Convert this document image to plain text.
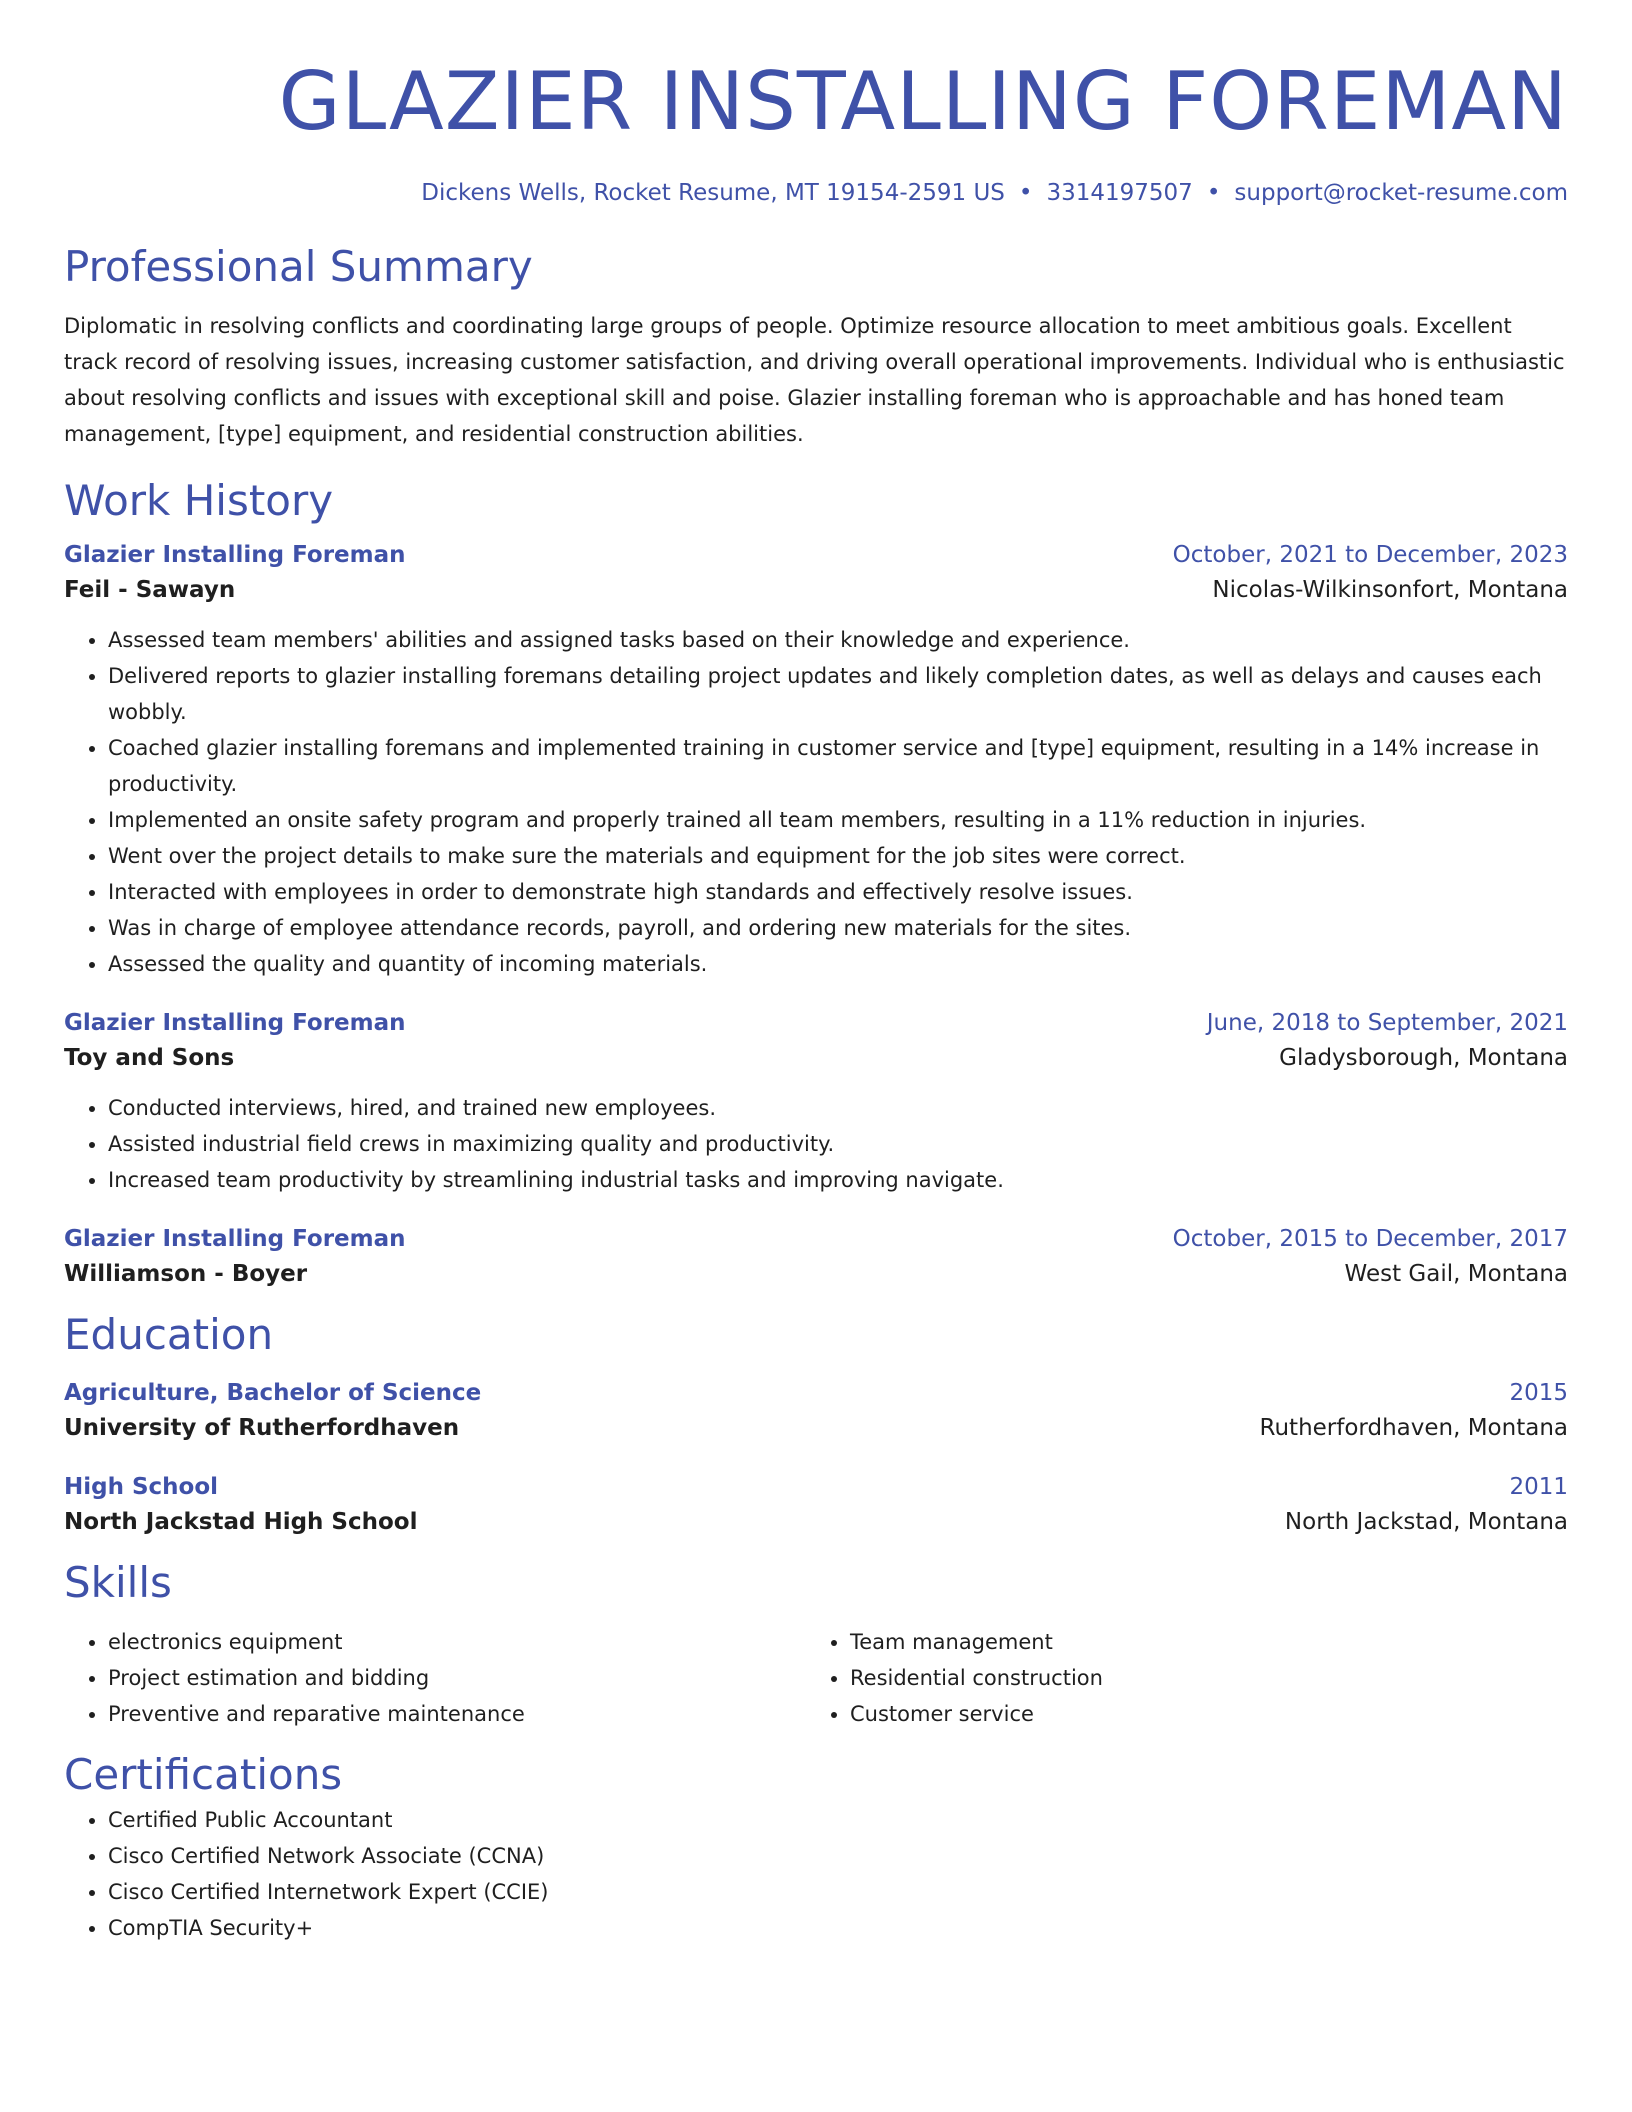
GLAZIER INSTALLING FOREMAN
Dickens Wells, Rocket Resume, MT 19154-2591 US • 3314197507 • support@rocket-resume.com
Professional Summary
Diplomatic in resolving conflicts and coordinating large groups of people. Optimize resource allocation to meet ambitious goals. Excellent track record of resolving issues, increasing customer satisfaction, and driving overall operational improvements. Individual who is enthusiastic about resolving conflicts and issues with exceptional skill and poise. Glazier installing foreman who is approachable and has honed team management, [type] equipment, and residential construction abilities.
Work History
Glazier Installing Foreman	October, 2021 to December, 2023
Feil - Sawayn	Nicolas-Wilkinsonfort, Montana
• Assessed team members' abilities and assigned tasks based on their knowledge and experience.
• Delivered reports to glazier installing foremans detailing project updates and likely completion dates, as well as delays and causes each wobbly.
• Coached glazier installing foremans and implemented training in customer service and [type] equipment, resulting in a 14% increase in productivity.
• Implemented an onsite safety program and properly trained all team members, resulting in a 11% reduction in injuries.
• Went over the project details to make sure the materials and equipment for the job sites were correct.
• Interacted with employees in order to demonstrate high standards and effectively resolve issues.
• Was in charge of employee attendance records, payroll, and ordering new materials for the sites.
• Assessed the quality and quantity of incoming materials.
Glazier Installing Foreman	June, 2018 to September, 2021
Toy and Sons	Gladysborough, Montana
• Conducted interviews, hired, and trained new employees.
• Assisted industrial field crews in maximizing quality and productivity.
• Increased team productivity by streamlining industrial tasks and improving navigate.
Glazier Installing Foreman	October, 2015 to December, 2017
Williamson - Boyer	West Gail, Montana
Education
Agriculture, Bachelor of Science	2015
University of Rutherfordhaven	Rutherfordhaven, Montana
High School	2011
North Jackstad High School	North Jackstad, Montana
Skills
• electronics equipment
• Project estimation and bidding
• Preventive and reparative maintenance
• Team management
• Residential construction
• Customer service
Certifications
• Certified Public Accountant
• Cisco Certified Network Associate (CCNA)
• Cisco Certified Internetwork Expert (CCIE)
• CompTIA Security+
